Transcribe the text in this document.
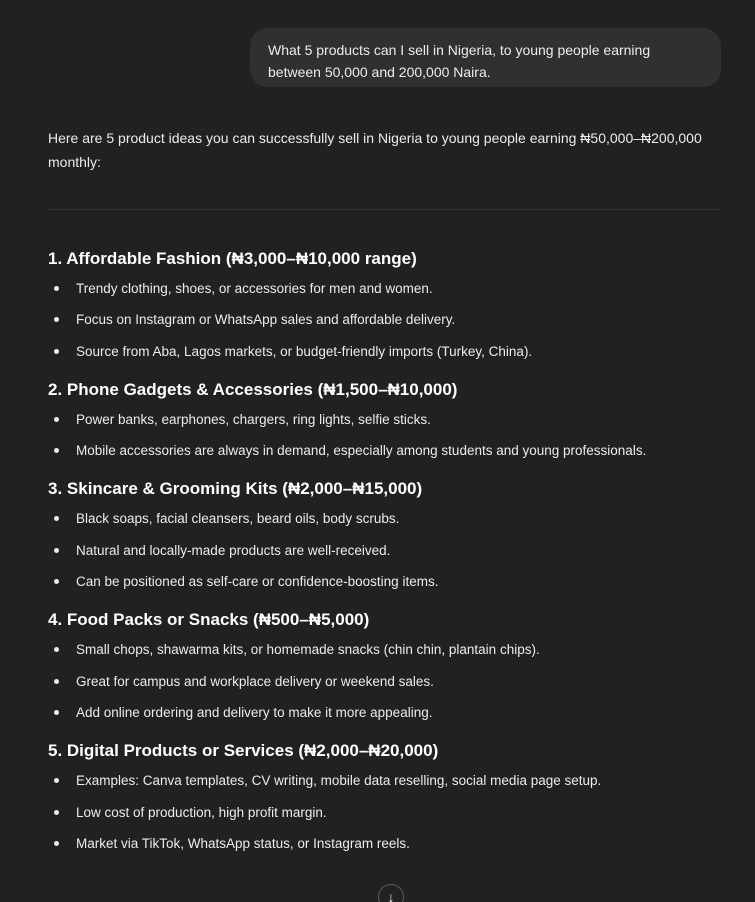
What 5 products can I sell in Nigeria, to young people earning between 50,000 and 200,000 Naira.
Here are 5 product ideas you can successfully sell in Nigeria to young people earning ₦50,000–₦200,000 monthly:
1. Affordable Fashion (₦3,000–₦10,000 range)
Trendy clothing, shoes, or accessories for men and women.
Focus on Instagram or WhatsApp sales and affordable delivery.
Source from Aba, Lagos markets, or budget-friendly imports (Turkey, China).
2. Phone Gadgets & Accessories (₦1,500–₦10,000)
Power banks, earphones, chargers, ring lights, selfie sticks.
Mobile accessories are always in demand, especially among students and young professionals.
3. Skincare & Grooming Kits (₦2,000–₦15,000)
Black soaps, facial cleansers, beard oils, body scrubs.
Natural and locally-made products are well-received.
Can be positioned as self-care or confidence-boosting items.
4. Food Packs or Snacks (₦500–₦5,000)
Small chops, shawarma kits, or homemade snacks (chin chin, plantain chips).
Great for campus and workplace delivery or weekend sales.
Add online ordering and delivery to make it more appealing.
5. Digital Products or Services (₦2,000–₦20,000)
Examples: Canva templates, CV writing, mobile data reselling, social media page setup.
Low cost of production, high profit margin.
Market via TikTok, WhatsApp status, or Instagram reels.
↓
